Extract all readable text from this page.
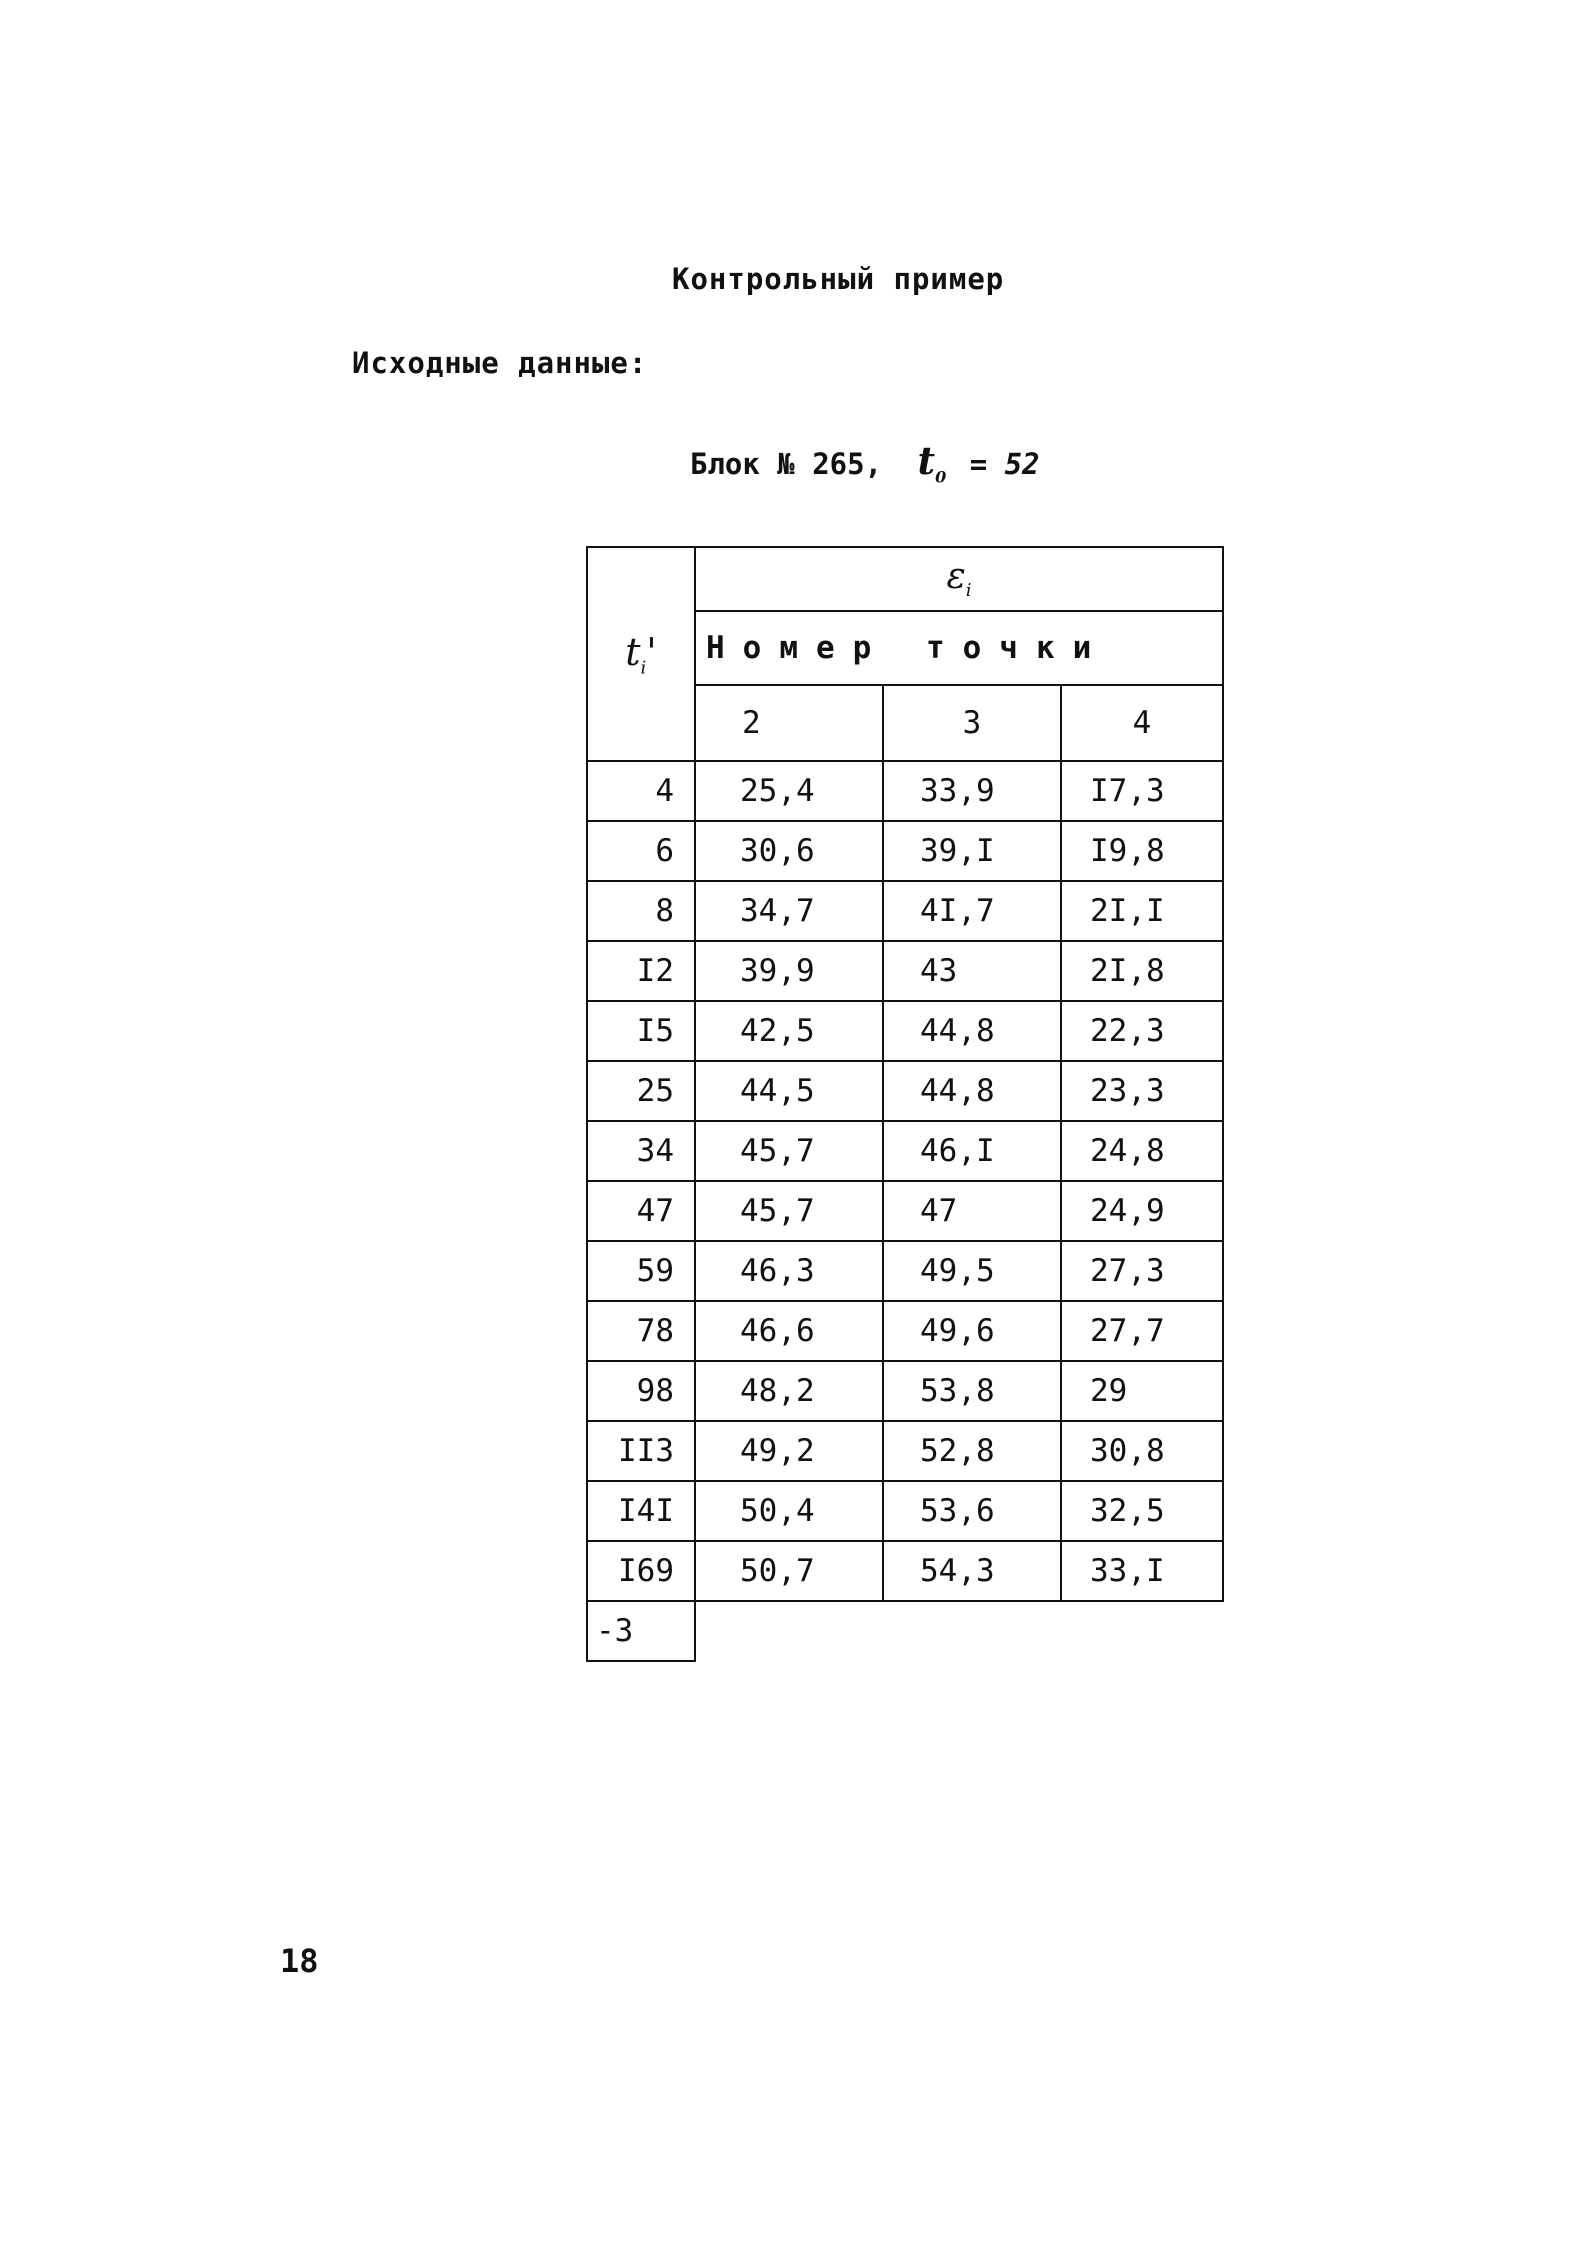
Контрольный пример
Исходные данные:
Блок № 265, $t_0 = 52$
$t_i'$	$\varepsilon_i$
	Номер точки		
	2	3	4
4	25,4	33,9	I7,3
6	30,6	39,I	I9,8
8	34,7	4I,7	2I,I
I2	39,9	43	2I,8
I5	42,5	44,8	22,3
25	44,5	44,8	23,3
34	45,7	46,I	24,8
47	45,7	47	24,9
59	46,3	49,5	27,3
78	46,6	49,6	27,7
98	48,2	53,8	29
II3	49,2	52,8	30,8
I4I	50,4	53,6	32,5
I69	50,7	54,3	33,I
-3			
18
